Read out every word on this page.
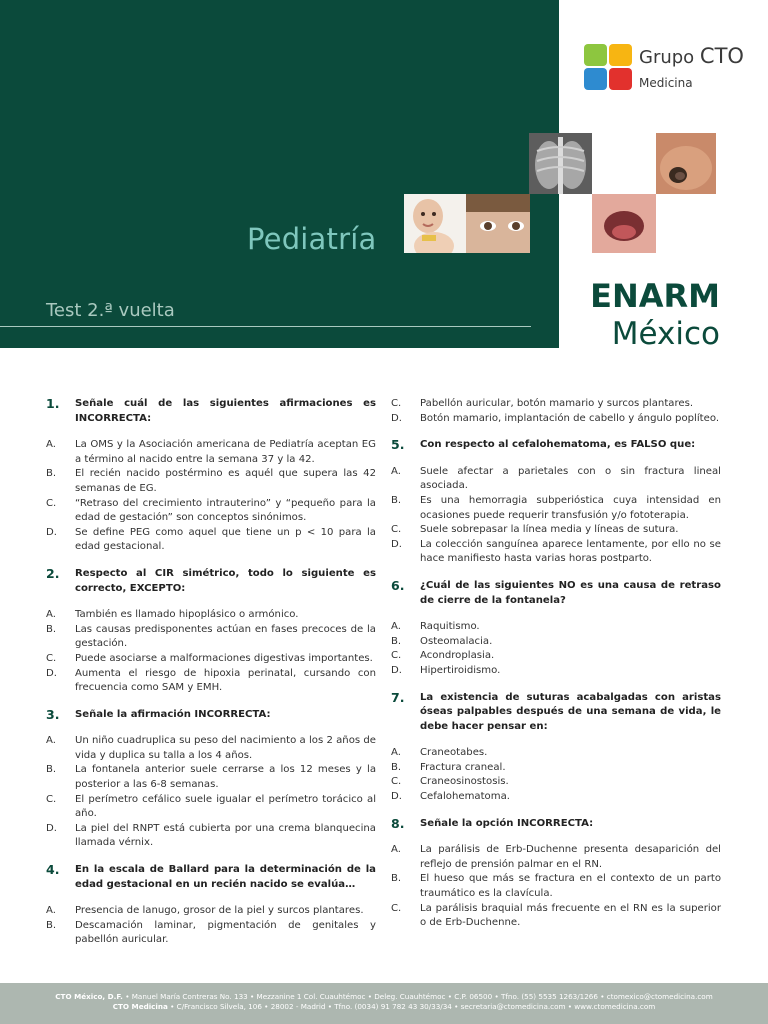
Pediatría
Test 2.ª vuelta
Grupo CTO
Medicina
ENARM
México
1.	Señale cuál de las siguientes afirmaciones es INCORRECTA:
A.	La OMS y la Asociación americana de Pediatría aceptan EG a término al nacido entre la semana 37 y la 42.
B.	El recién nacido postérmino es aquél que supera las 42 semanas de EG.
C.	“Retraso del crecimiento intrauterino” y “pequeño para la edad de gestación” son conceptos sinónimos.
D.	Se define PEG como aquel que tiene un p < 10 para la edad gestacional.
2.	Respecto al CIR simétrico, todo lo siguiente es correcto, EXCEPTO:
A.	También es llamado hipoplásico o armónico.
B.	Las causas predisponentes actúan en fases precoces de la gestación.
C.	Puede asociarse a malformaciones digestivas importantes.
D.	Aumenta el riesgo de hipoxia perinatal, cursando con frecuencia como SAM y EMH.
3.	Señale la afirmación INCORRECTA:
A.	Un niño cuadruplica su peso del nacimiento a los 2 años de vida y duplica su talla a los 4 años.
B.	La fontanela anterior suele cerrarse a los 12 meses y la posterior a las 6-8 semanas.
C.	El perímetro cefálico suele igualar el perímetro torácico al año.
D.	La piel del RNPT está cubierta por una crema blanquecina llamada vérnix.
4.	En la escala de Ballard para la determinación de la edad gestacional en un recién nacido se evalúa…
A.	Presencia de lanugo, grosor de la piel y surcos plantares.
B.	Descamación laminar, pigmentación de genitales y pabellón auricular.
C.	Pabellón auricular, botón mamario y surcos plantares.
D.	Botón mamario, implantación de cabello y ángulo poplíteo.
5.	Con respecto al cefalohematoma, es FALSO que:
A.	Suele afectar a parietales con o sin fractura lineal asociada.
B.	Es una hemorragia subperióstica cuya intensidad en ocasiones puede requerir transfusión y/o fototerapia.
C.	Suele sobrepasar la línea media y líneas de sutura.
D.	La colección sanguínea aparece lentamente, por ello no se hace manifiesto hasta varias horas postparto.
6.	¿Cuál de las siguientes NO es una causa de retraso de cierre de la fontanela?
A.	Raquitismo.
B.	Osteomalacia.
C.	Acondroplasia.
D.	Hipertiroidismo.
7.	La existencia de suturas acabalgadas con aristas óseas palpables después de una semana de vida, le debe hacer pensar en:
A.	Craneotabes.
B.	Fractura craneal.
C.	Craneosinostosis.
D.	Cefalohematoma.
8.	Señale la opción INCORRECTA:
A.	La parálisis de Erb-Duchenne presenta desaparición del reflejo de prensión palmar en el RN.
B.	El hueso que más se fractura en el contexto de un parto traumático es la clavícula.
C.	La parálisis braquial más frecuente en el RN es la superior o de Erb-Duchenne.
CTO México, D.F. • Manuel María Contreras No. 133 • Mezzanine 1 Col. Cuauhtémoc • Deleg. Cuauhtémoc • C.P. 06500 • Tfno. (55) 5535 1263/1266 • ctomexico@ctomedicina.com
CTO Medicina • C/Francisco Silvela, 106 • 28002 - Madrid • Tfno. (0034) 91 782 43 30/33/34 • secretaria@ctomedicina.com • www.ctomedicina.com
